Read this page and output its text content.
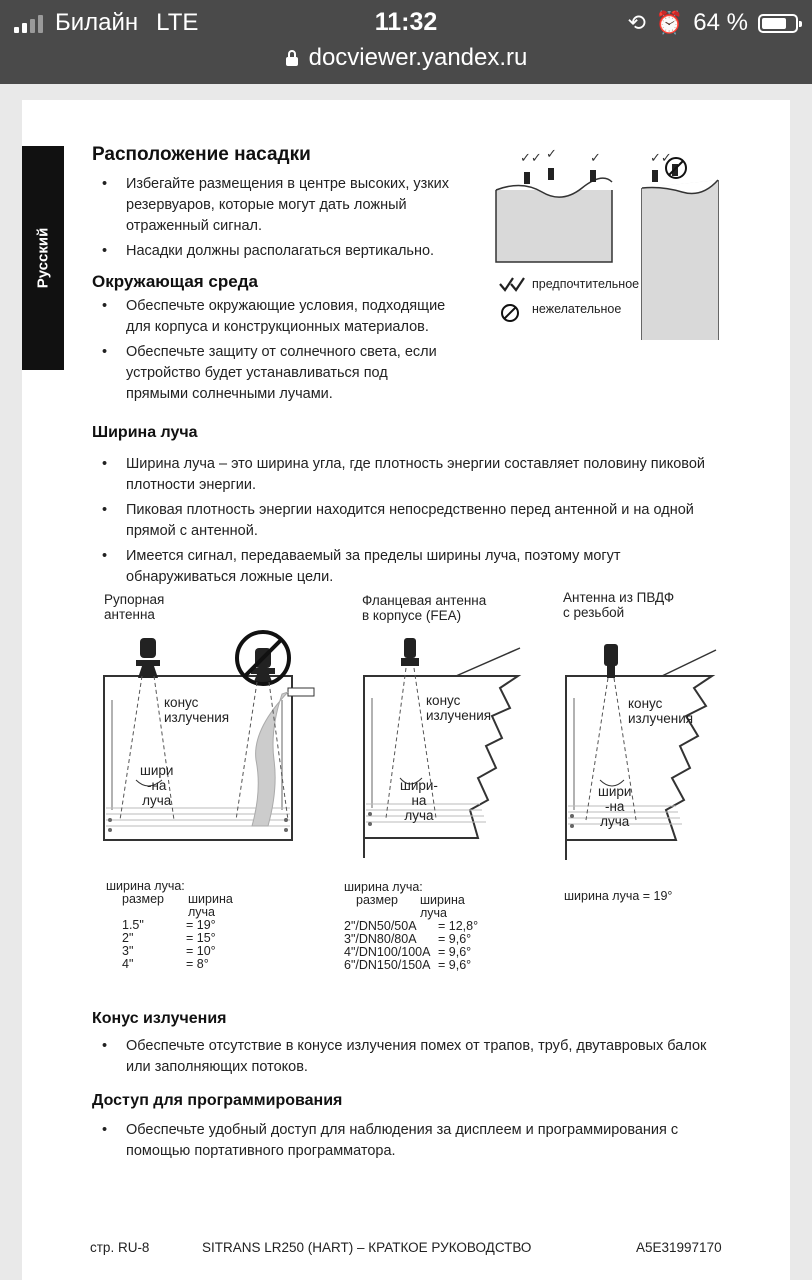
Билайн LTE	11:32	⟲ ⏰ 64 %
docviewer.yandex.ru
Русский
Расположение насадки
• Избегайте размещения в центре высоких, узких резервуаров, которые могут дать ложный отраженный сигнал.
• Насадки должны располагаться вертикально.
Окружающая среда
• Обеспечьте окружающие условия, подходящие для корпуса и конструкционных материалов.
• Обеспечьте защиту от солнечного света, если устройство будет устанавливаться под прямыми солнечными лучами.
✓✓ ✓	✓	✓✓
предпочтительное
нежелательное
Ширина луча
• Ширина луча – это ширина угла, где плотность энергии составляет половину пиковой плотности энергии.
• Пиковая плотность энергии находится непосредственно перед антенной и на одной прямой с антенной.
• Имеется сигнал, передаваемый за пределы ширины луча, поэтому могут обнаруживаться ложные цели.
Рупорная
антенна
Фланцевая антенна
в корпусе (FEA)
Антенна из ПВДФ
с резьбой
конус
излучения
шири
-на
луча
конус
излучения
шири-
на
луча
конус
излучения
шири
-на
луча
ширина луча:
размер ширина
луча
1.5"	= 19°
2"	= 15°
3"	= 10°
4"	= 8°
ширина луча:
размер ширина
луча
2"/DN50/50A	= 12,8°
3"/DN80/80A	= 9,6°
4"/DN100/100A	= 9,6°
6"/DN150/150A	= 9,6°
ширина луча = 19°
Конус излучения
• Обеспечьте отсутствие в конусе излучения помех от трапов, труб, двутавровых балок или заполняющих потоков.
Доступ для программирования
• Обеспечьте удобный доступ для наблюдения за дисплеем и программирования с помощью портативного программатора.
стр. RU-8	SITRANS LR250 (HART) – КРАТКОЕ РУКОВОДСТВО	A5E31997170
